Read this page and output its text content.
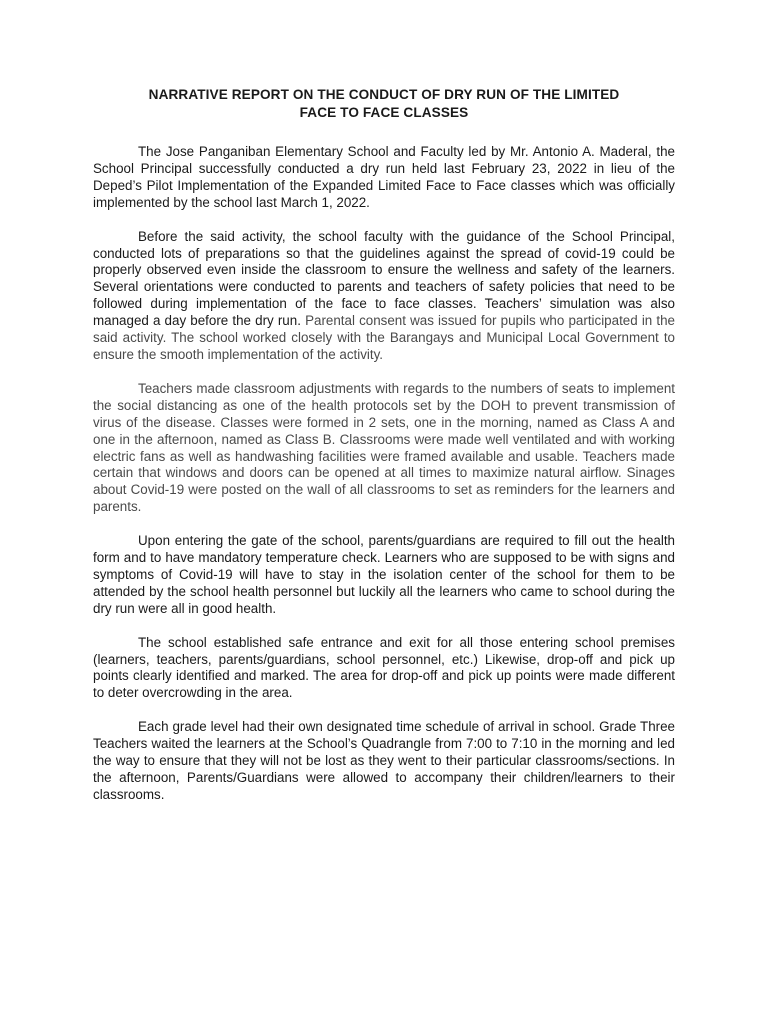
NARRATIVE REPORT ON THE CONDUCT OF DRY RUN OF THE LIMITED
FACE TO FACE CLASSES

The Jose Panganiban Elementary School and Faculty led by Mr. Antonio A. Maderal, the School Principal successfully conducted a dry run held last February 23, 2022 in lieu of the Deped’s Pilot Implementation of the Expanded Limited Face to Face classes which was officially implemented by the school last March 1, 2022.

Before the said activity, the school faculty with the guidance of the School Principal, conducted lots of preparations so that the guidelines against the spread of covid-19 could be properly observed even inside the classroom to ensure the wellness and safety of the learners. Several orientations were conducted to parents and teachers of safety policies that need to be followed during implementation of the face to face classes. Teachers’ simulation was also managed a day before the dry run. Parental consent was issued for pupils who participated in the said activity. The school worked closely with the Barangays and Municipal Local Government to ensure the smooth implementation of the activity.

Teachers made classroom adjustments with regards to the numbers of seats to implement the social distancing as one of the health protocols set by the DOH to prevent transmission of virus of the disease. Classes were formed in 2 sets, one in the morning, named as Class A and one in the afternoon, named as Class B. Classrooms were made well ventilated and with working electric fans as well as handwashing facilities were framed available and usable. Teachers made certain that windows and doors can be opened at all times to maximize natural airflow. Sinages about Covid-19 were posted on the wall of all classrooms to set as reminders for the learners and parents.

Upon entering the gate of the school, parents/guardians are required to fill out the health form and to have mandatory temperature check. Learners who are supposed to be with signs and symptoms of Covid-19 will have to stay in the isolation center of the school for them to be attended by the school health personnel but luckily all the learners who came to school during the dry run were all in good health.

The school established safe entrance and exit for all those entering school premises (learners, teachers, parents/guardians, school personnel, etc.) Likewise, drop-off and pick up points clearly identified and marked. The area for drop-off and pick up points were made different to deter overcrowding in the area.

Each grade level had their own designated time schedule of arrival in school. Grade Three Teachers waited the learners at the School’s Quadrangle from 7:00 to 7:10 in the morning and led the way to ensure that they will not be lost as they went to their particular classrooms/sections. In the afternoon, Parents/Guardians were allowed to accompany their children/learners to their classrooms.
